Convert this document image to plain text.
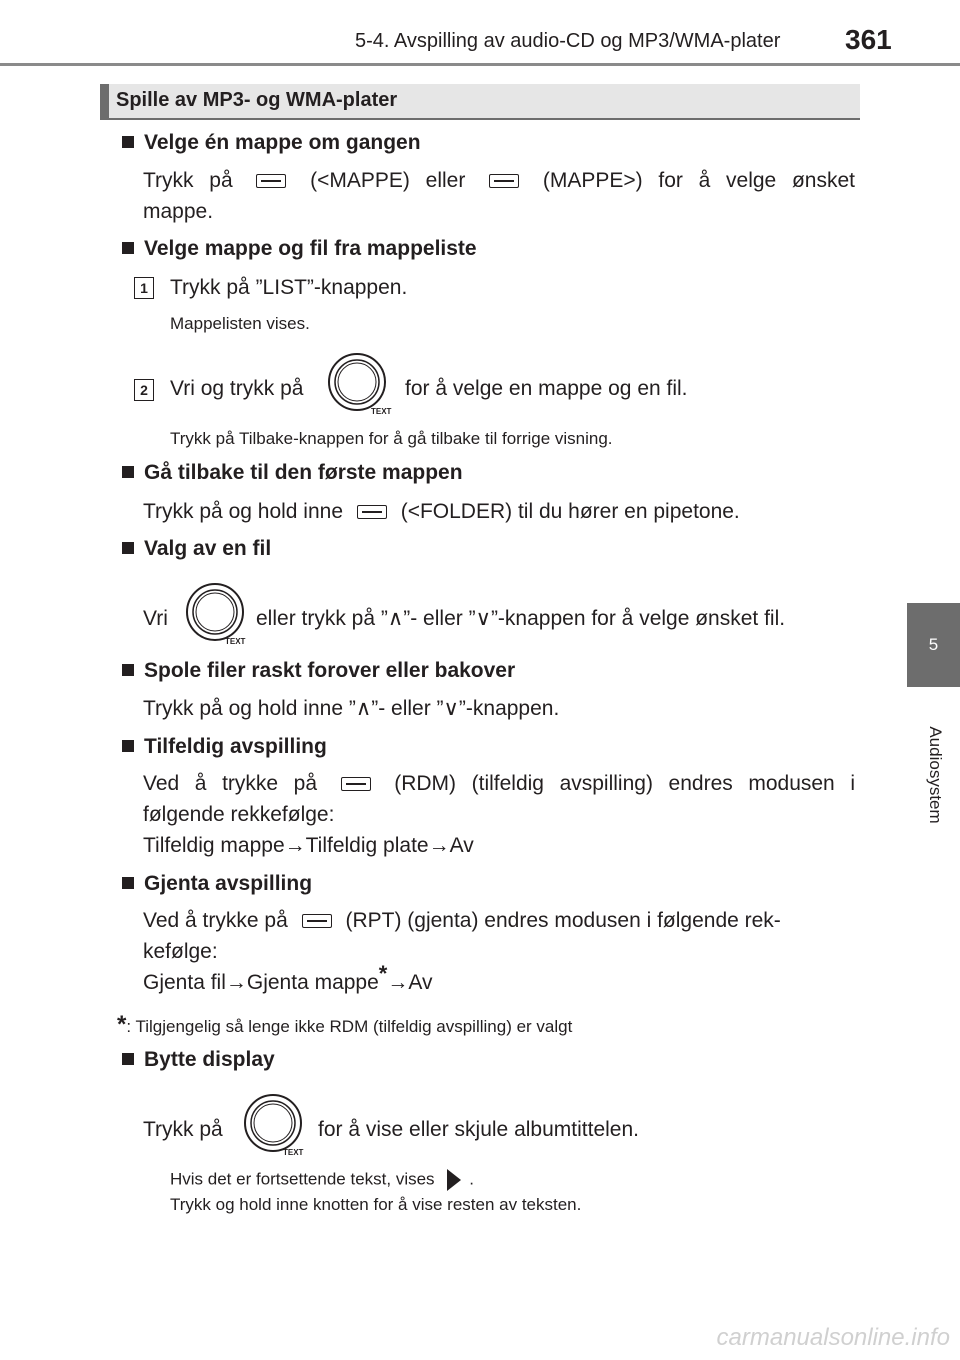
5-4. Avspilling av audio-CD og MP3/WMA-plater 361
5
Audiosystem
Spille av MP3- og WMA-plater
Velge én mappe om gangen
Trykk på	(<MAPPE) eller	(MAPPE>) for å velge ønsket
mappe.
Velge mappe og fil fra mappeliste
1 Trykk på ”LIST”-knappen.
Mappelisten vises.
2 Vri og trykk på
TEXT
for å velge en mappe og en fil.
Trykk på Tilbake-knappen for å gå tilbake til forrige visning.
Gå tilbake til den første mappen
Trykk på og hold inne	(<FOLDER) til du hører en pipetone.
Valg av en fil
Vri
TEXT
eller trykk på ”∧”- eller ”∨”-knappen for å velge ønsket fil.
Spole filer raskt forover eller bakover
Trykk på og hold inne ”∧”- eller ”∨”-knappen.
Tilfeldig avspilling
Ved å trykke på	(RDM) (tilfeldig avspilling) endres modusen i
følgende rekkefølge:
Tilfeldig mappe→Tilfeldig plate→Av
Gjenta avspilling
Ved å trykke på	(RPT) (gjenta) endres modusen i følgende rek-
kefølge:
Gjenta fil→Gjenta mappe*→Av
*: Tilgjengelig så lenge ikke RDM (tilfeldig avspilling) er valgt
Bytte display
Trykk på
TEXT
for å vise eller skjule albumtittelen.
Hvis det er fortsettende tekst, vises .
Trykk og hold inne knotten for å vise resten av teksten.
carmanualsonline.info
